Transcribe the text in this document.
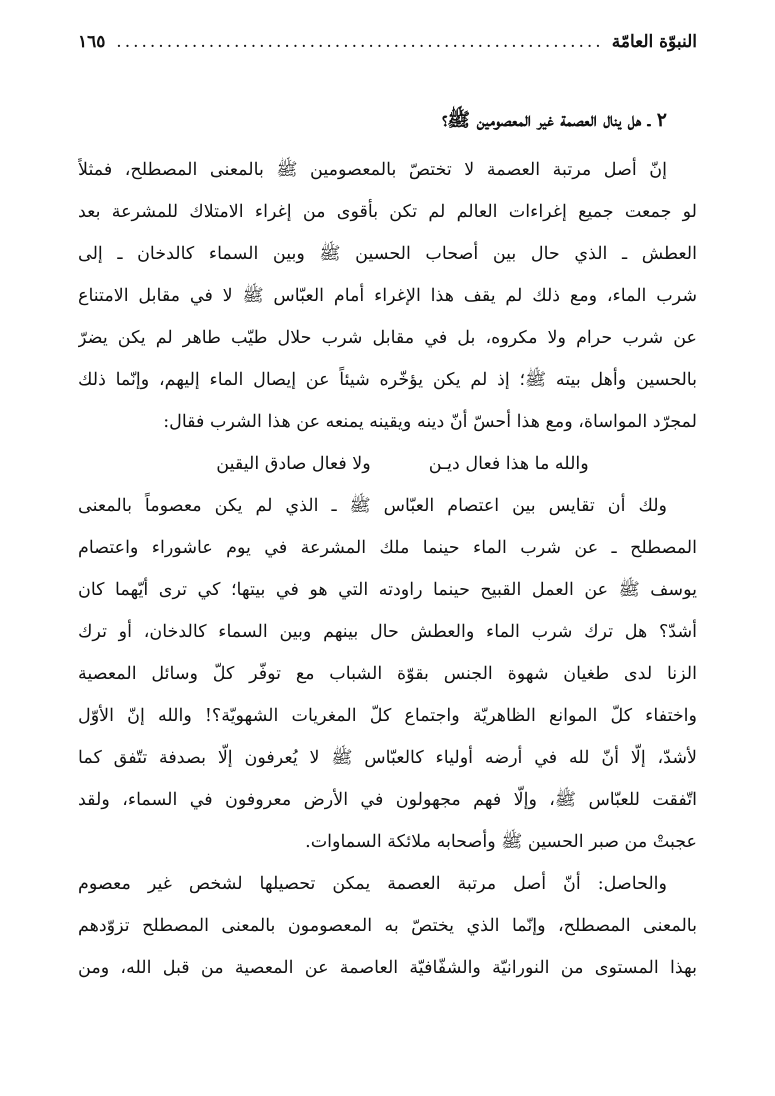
النبوّة العامّة
.....
١٦٥
٢ ـ هل ينال العصمة غير المعصومين ﷺ؟
إنّ أصل مرتبة العصمة لا تختصّ بالمعصومين ﷺ بالمعنى المصطلح، فمثلاً
لو جمعت جميع إغراءات العالم لم تكن بأقوى من إغراء الامتلاك للمشرعة بعد
العطش ـ الذي حال بين أصحاب الحسين ﷺ وبين السماء كالدخان ـ إلى
شرب الماء، ومع ذلك لم يقف هذا الإغراء أمام العبّاس ﷺ لا في مقابل الامتناع
عن شرب حرام ولا مكروه، بل في مقابل شرب حلال طيّب طاهر لم يكن يضرّ
بالحسين وأهل بيته ﷺ؛ إذ لم يكن يؤخّره شيئاً عن إيصال الماء إليهم، وإنّما ذلك
لمجرّد المواساة، ومع هذا أحسّ أنّ دينه ويقينه يمنعه عن هذا الشرب فقال:
والله ما هذا فعال ديـن
ولا فعال صادق اليقين
ولك أن تقايس بين اعتصام العبّاس ﷺ ـ الذي لم يكن معصوماً بالمعنى
المصطلح ـ عن شرب الماء حينما ملك المشرعة في يوم عاشوراء واعتصام
يوسف ﷺ عن العمل القبيح حينما راودته التي هو في بيتها؛ كي ترى أيّهما كان
أشدّ؟ هل ترك شرب الماء والعطش حال بينهم وبين السماء كالدخان، أو ترك
الزنا لدى طغيان شهوة الجنس بقوّة الشباب مع توفّر كلّ وسائل المعصية
واختفاء كلّ الموانع الظاهريّة واجتماع كلّ المغريات الشهويّة؟! والله إنّ الأوّل
لأشدّ، إلّا أنّ لله في أرضه أولياء كالعبّاس ﷺ لا يُعرفون إلّا بصدفة تتّفق كما
اتّفقت للعبّاس ﷺ، وإلّا فهم مجهولون في الأرض معروفون في السماء، ولقد
عجبتْ من صبر الحسين ﷺ وأصحابه ملائكة السماوات.
والحاصل: أنّ أصل مرتبة العصمة يمكن تحصيلها لشخص غير معصوم
بالمعنى المصطلح، وإنّما الذي يختصّ به المعصومون بالمعنى المصطلح تزوّدهم
بهذا المستوى من النورانيّة والشفّافيّة العاصمة عن المعصية من قبل الله، ومن
